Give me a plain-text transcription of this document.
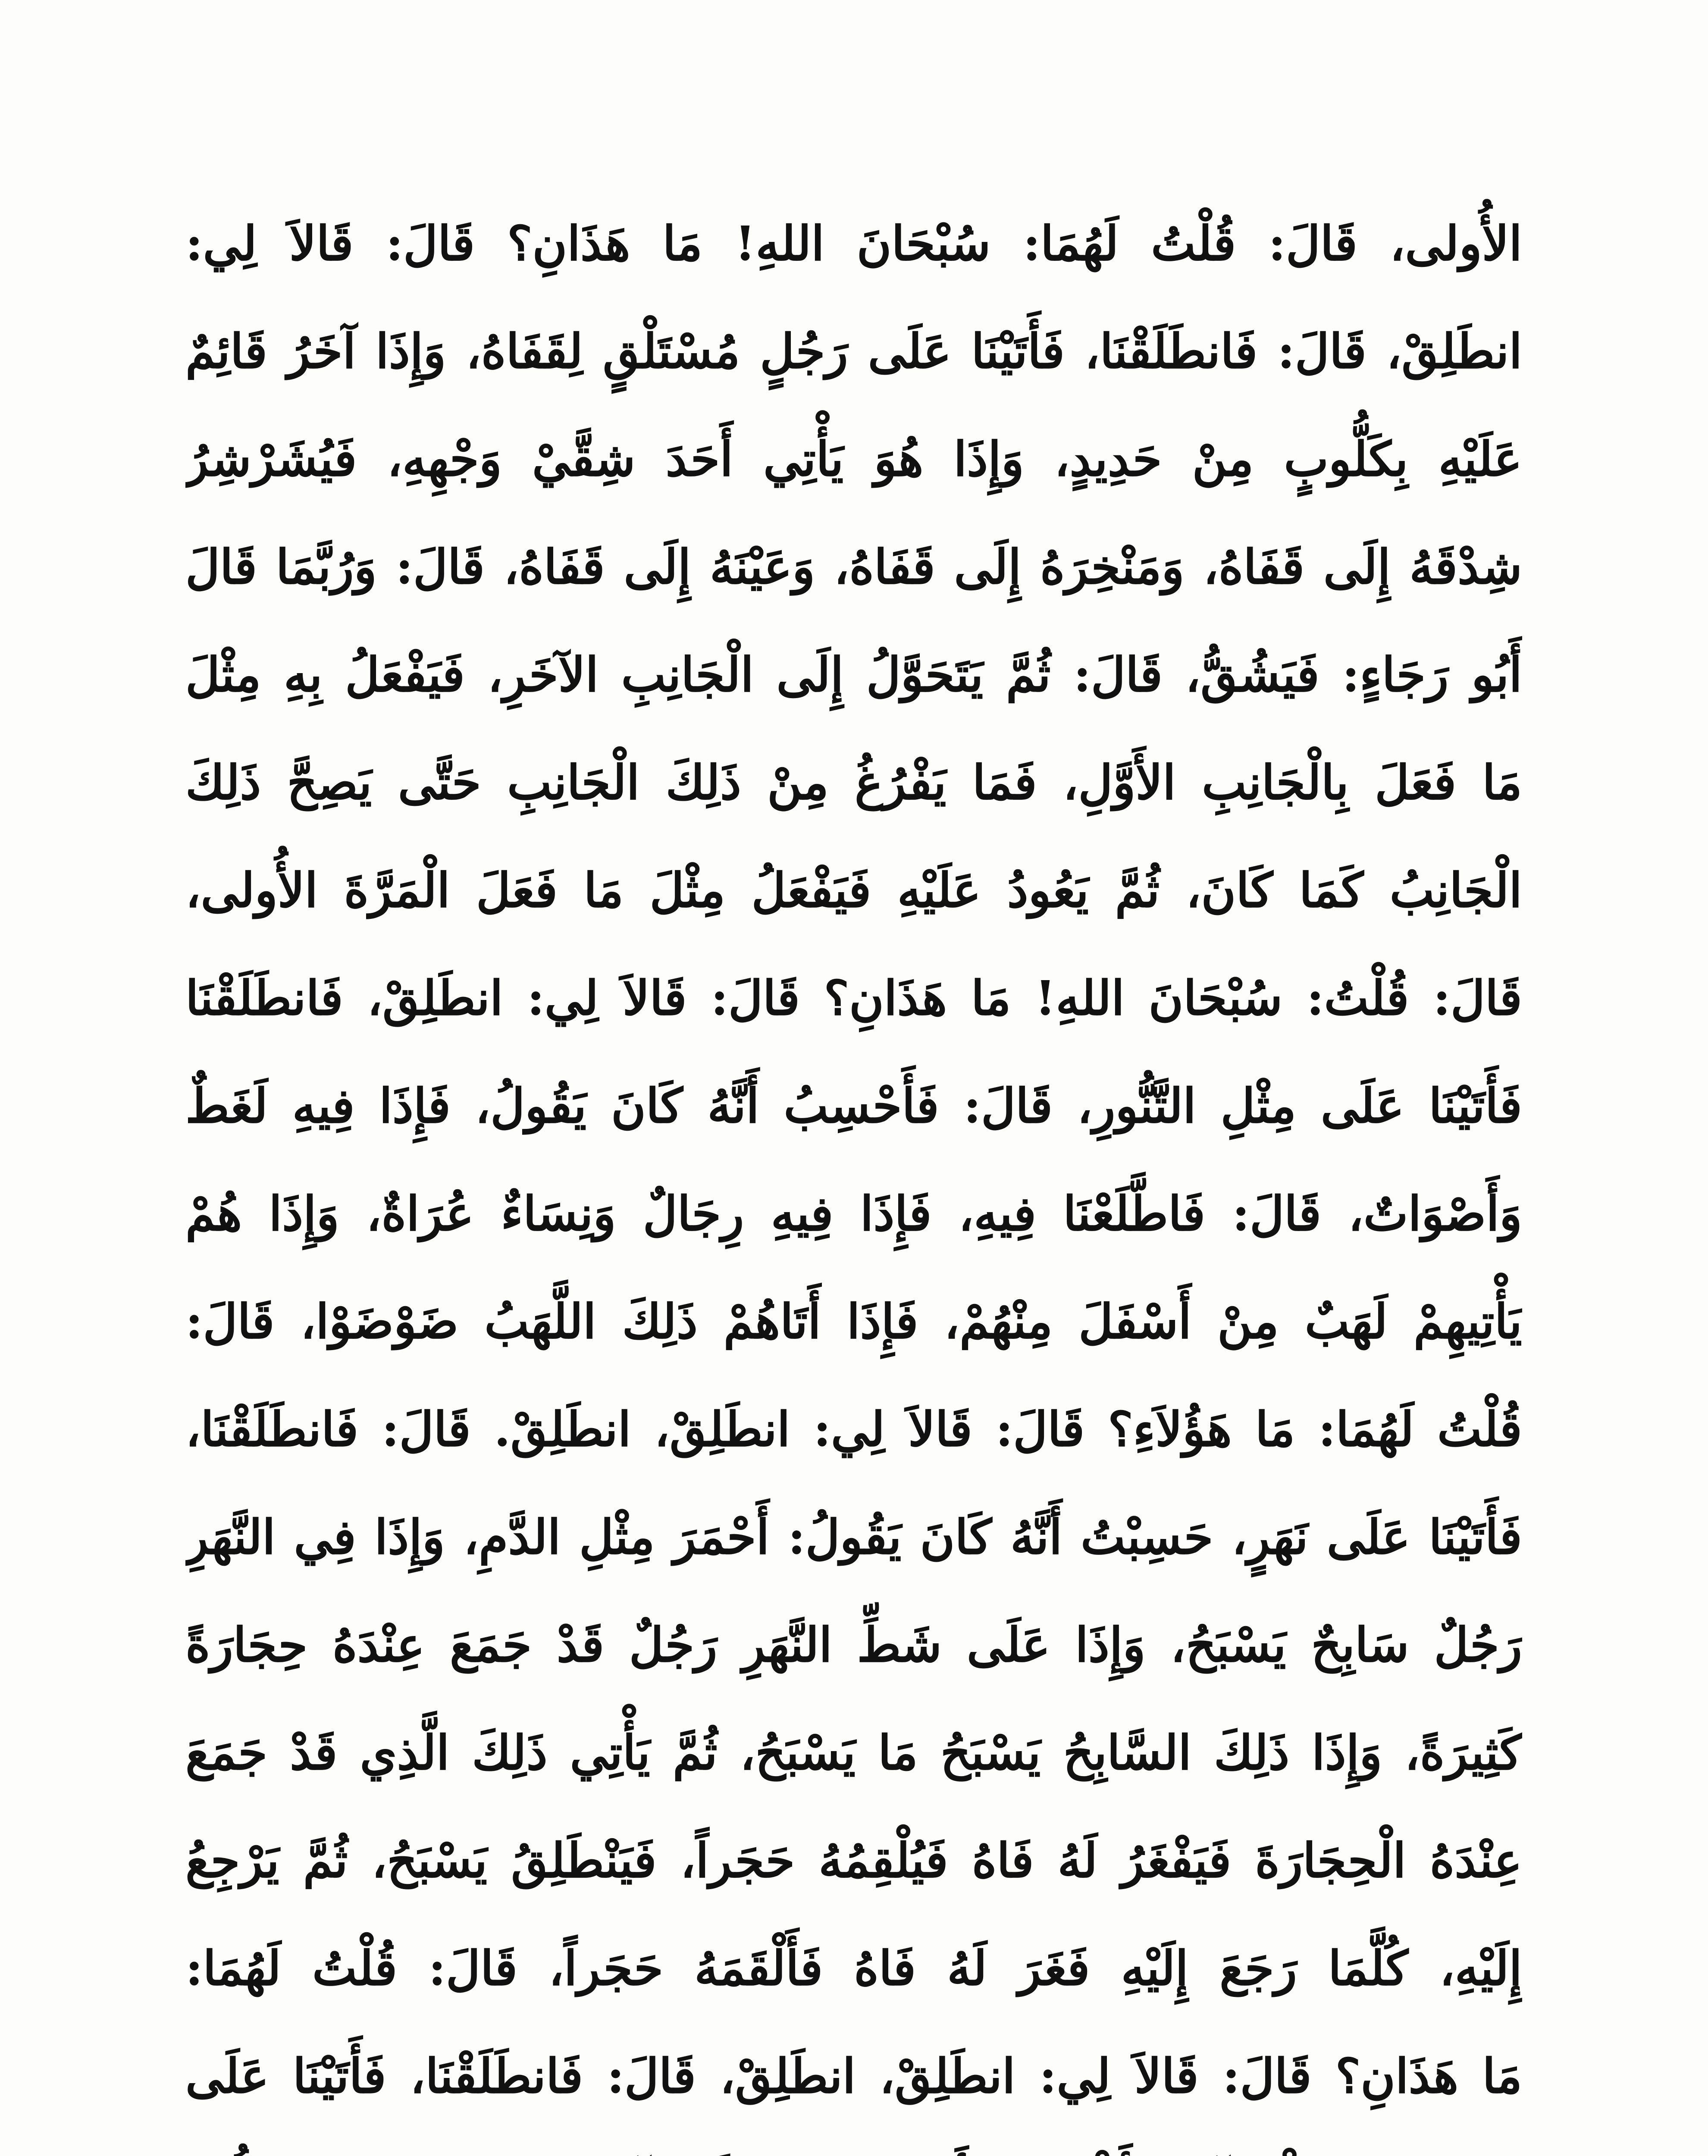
الأُولى، قَالَ: قُلْتُ لَهُمَا: سُبْحَانَ اللهِ! مَا هَذَانِ؟ قَالَ: قَالاَ لِي:
انطَلِقْ، قَالَ: فَانطَلَقْنَا، فَأَتَيْنَا عَلَى رَجُلٍ مُسْتَلْقٍ لِقَفَاهُ، وَإِذَا آخَرُ قَائِمٌ
عَلَيْهِ بِكَلُّوبٍ مِنْ حَدِيدٍ، وَإِذَا هُوَ يَأْتِي أَحَدَ شِقَّيْ وَجْهِهِ، فَيُشَرْشِرُ
شِدْقَهُ إِلَى قَفَاهُ، وَمَنْخِرَهُ إِلَى قَفَاهُ، وَعَيْنَهُ إِلَى قَفَاهُ، قَالَ: وَرُبَّمَا قَالَ
أَبُو رَجَاءٍ: فَيَشُقُّ، قَالَ: ثُمَّ يَتَحَوَّلُ إِلَى الْجَانِبِ الآخَرِ، فَيَفْعَلُ بِهِ مِثْلَ
مَا فَعَلَ بِالْجَانِبِ الأَوَّلِ، فَمَا يَفْرُغُ مِنْ ذَلِكَ الْجَانِبِ حَتَّى يَصِحَّ ذَلِكَ
الْجَانِبُ كَمَا كَانَ، ثُمَّ يَعُودُ عَلَيْهِ فَيَفْعَلُ مِثْلَ مَا فَعَلَ الْمَرَّةَ الأُولى،
قَالَ: قُلْتُ: سُبْحَانَ اللهِ! مَا هَذَانِ؟ قَالَ: قَالاَ لِي: انطَلِقْ، فَانطَلَقْنَا
فَأَتَيْنَا عَلَى مِثْلِ التَّنُّورِ، قَالَ: فَأَحْسِبُ أَنَّهُ كَانَ يَقُولُ، فَإِذَا فِيهِ لَغَطٌ
وَأَصْوَاتٌ، قَالَ: فَاطَّلَعْنَا فِيهِ، فَإِذَا فِيهِ رِجَالٌ وَنِسَاءٌ عُرَاةٌ، وَإِذَا هُمْ
يَأْتِيهِمْ لَهَبٌ مِنْ أَسْفَلَ مِنْهُمْ، فَإِذَا أَتَاهُمْ ذَلِكَ اللَّهَبُ ضَوْضَوْا، قَالَ:
قُلْتُ لَهُمَا: مَا هَؤُلاَءِ؟ قَالَ: قَالاَ لِي: انطَلِقْ، انطَلِقْ. قَالَ: فَانطَلَقْنَا،
فَأَتَيْنَا عَلَى نَهَرٍ، حَسِبْتُ أَنَّهُ كَانَ يَقُولُ: أَحْمَرَ مِثْلِ الدَّمِ، وَإِذَا فِي النَّهَرِ
رَجُلٌ سَابِحٌ يَسْبَحُ، وَإِذَا عَلَى شَطِّ النَّهَرِ رَجُلٌ قَدْ جَمَعَ عِنْدَهُ حِجَارَةً
كَثِيرَةً، وَإِذَا ذَلِكَ السَّابِحُ يَسْبَحُ مَا يَسْبَحُ، ثُمَّ يَأْتِي ذَلِكَ الَّذِي قَدْ جَمَعَ
عِنْدَهُ الْحِجَارَةَ فَيَفْغَرُ لَهُ فَاهُ فَيُلْقِمُهُ حَجَراً، فَيَنْطَلِقُ يَسْبَحُ، ثُمَّ يَرْجِعُ
إِلَيْهِ، كُلَّمَا رَجَعَ إِلَيْهِ فَغَرَ لَهُ فَاهُ فَأَلْقَمَهُ حَجَراً، قَالَ: قُلْتُ لَهُمَا:
مَا هَذَانِ؟ قَالَ: قَالاَ لِي: انطَلِقْ، انطَلِقْ، قَالَ: فَانطَلَقْنَا، فَأَتَيْنَا عَلَى
